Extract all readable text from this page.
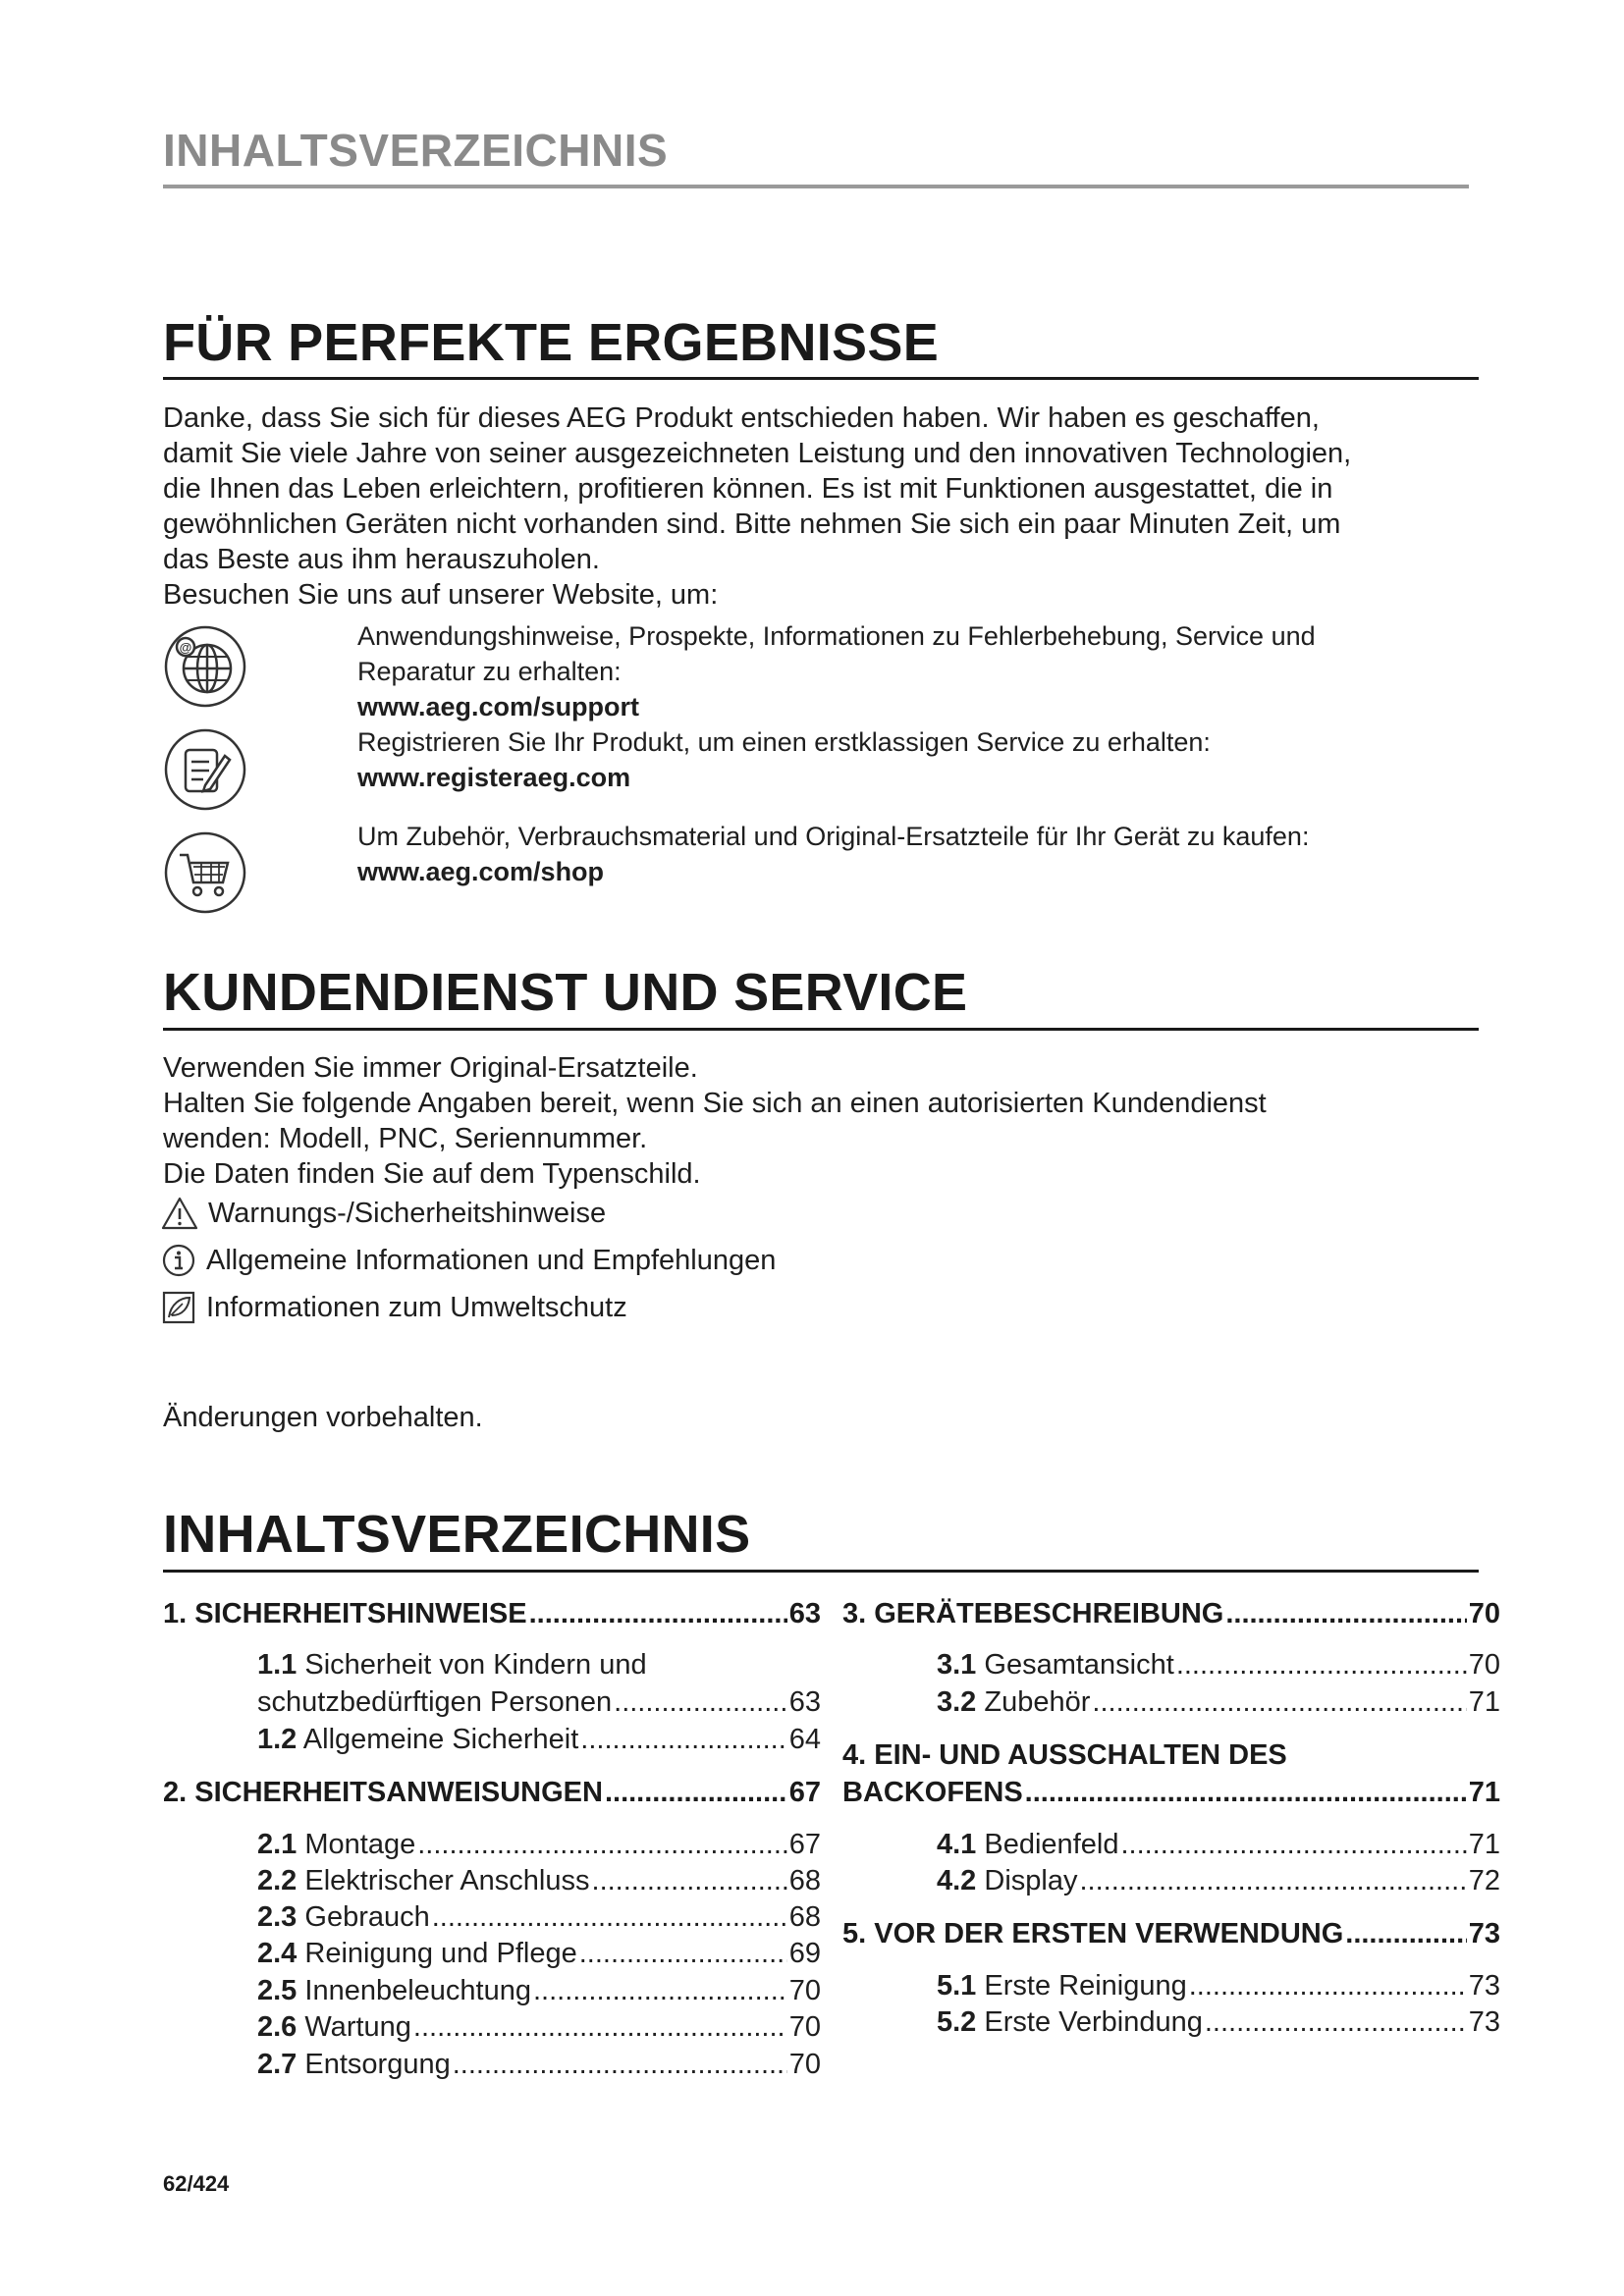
INHALTSVERZEICHNIS
FÜR PERFEKTE ERGEBNISSE
Danke, dass Sie sich für dieses AEG Produkt entschieden haben. Wir haben es geschaffen,
damit Sie viele Jahre von seiner ausgezeichneten Leistung und den innovativen Technologien,
die Ihnen das Leben erleichtern, profitieren können. Es ist mit Funktionen ausgestattet, die in
gewöhnlichen Geräten nicht vorhanden sind. Bitte nehmen Sie sich ein paar Minuten Zeit, um
das Beste aus ihm herauszuholen.
Besuchen Sie uns auf unserer Website, um:
@	Anwendungshinweise, Prospekte, Informationen zu Fehlerbehebung, Service und
Reparatur zu erhalten:
www.aeg.com/support
Registrieren Sie Ihr Produkt, um einen erstklassigen Service zu erhalten:
www.registeraeg.com
Um Zubehör, Verbrauchsmaterial und Original-Ersatzteile für Ihr Gerät zu kaufen:
www.aeg.com/shop
KUNDENDIENST UND SERVICE
Verwenden Sie immer Original-Ersatzteile.
Halten Sie folgende Angaben bereit, wenn Sie sich an einen autorisierten Kundendienst
wenden: Modell, PNC, Seriennummer.
Die Daten finden Sie auf dem Typenschild.
Warnungs-/Sicherheitshinweise
Allgemeine Informationen und Empfehlungen
Informationen zum Umweltschutz
Änderungen vorbehalten.
INHALTSVERZEICHNIS
1. SICHERHEITSHINWEISE .....	63
1.1 Sicherheit von Kindern und
schutzbedürftigen Personen .....	63
1.2 Allgemeine Sicherheit .....	64
2. SICHERHEITSANWEISUNGEN .....	67
2.1 Montage .....	67
2.2 Elektrischer Anschluss .....	68
2.3 Gebrauch .....	68
2.4 Reinigung und Pflege .....	69
2.5 Innenbeleuchtung .....	70
2.6 Wartung .....	70
2.7 Entsorgung .....	70
3. GERÄTEBESCHREIBUNG .....	70
3.1 Gesamtansicht .....	70
3.2 Zubehör .....	71
4. EIN- UND AUSSCHALTEN DES
BACKOFENS .....	71
4.1 Bedienfeld .....	71
4.2 Display .....	72
5. VOR DER ERSTEN VERWENDUNG .....	73
5.1 Erste Reinigung .....	73
5.2 Erste Verbindung .....	73
62/424
